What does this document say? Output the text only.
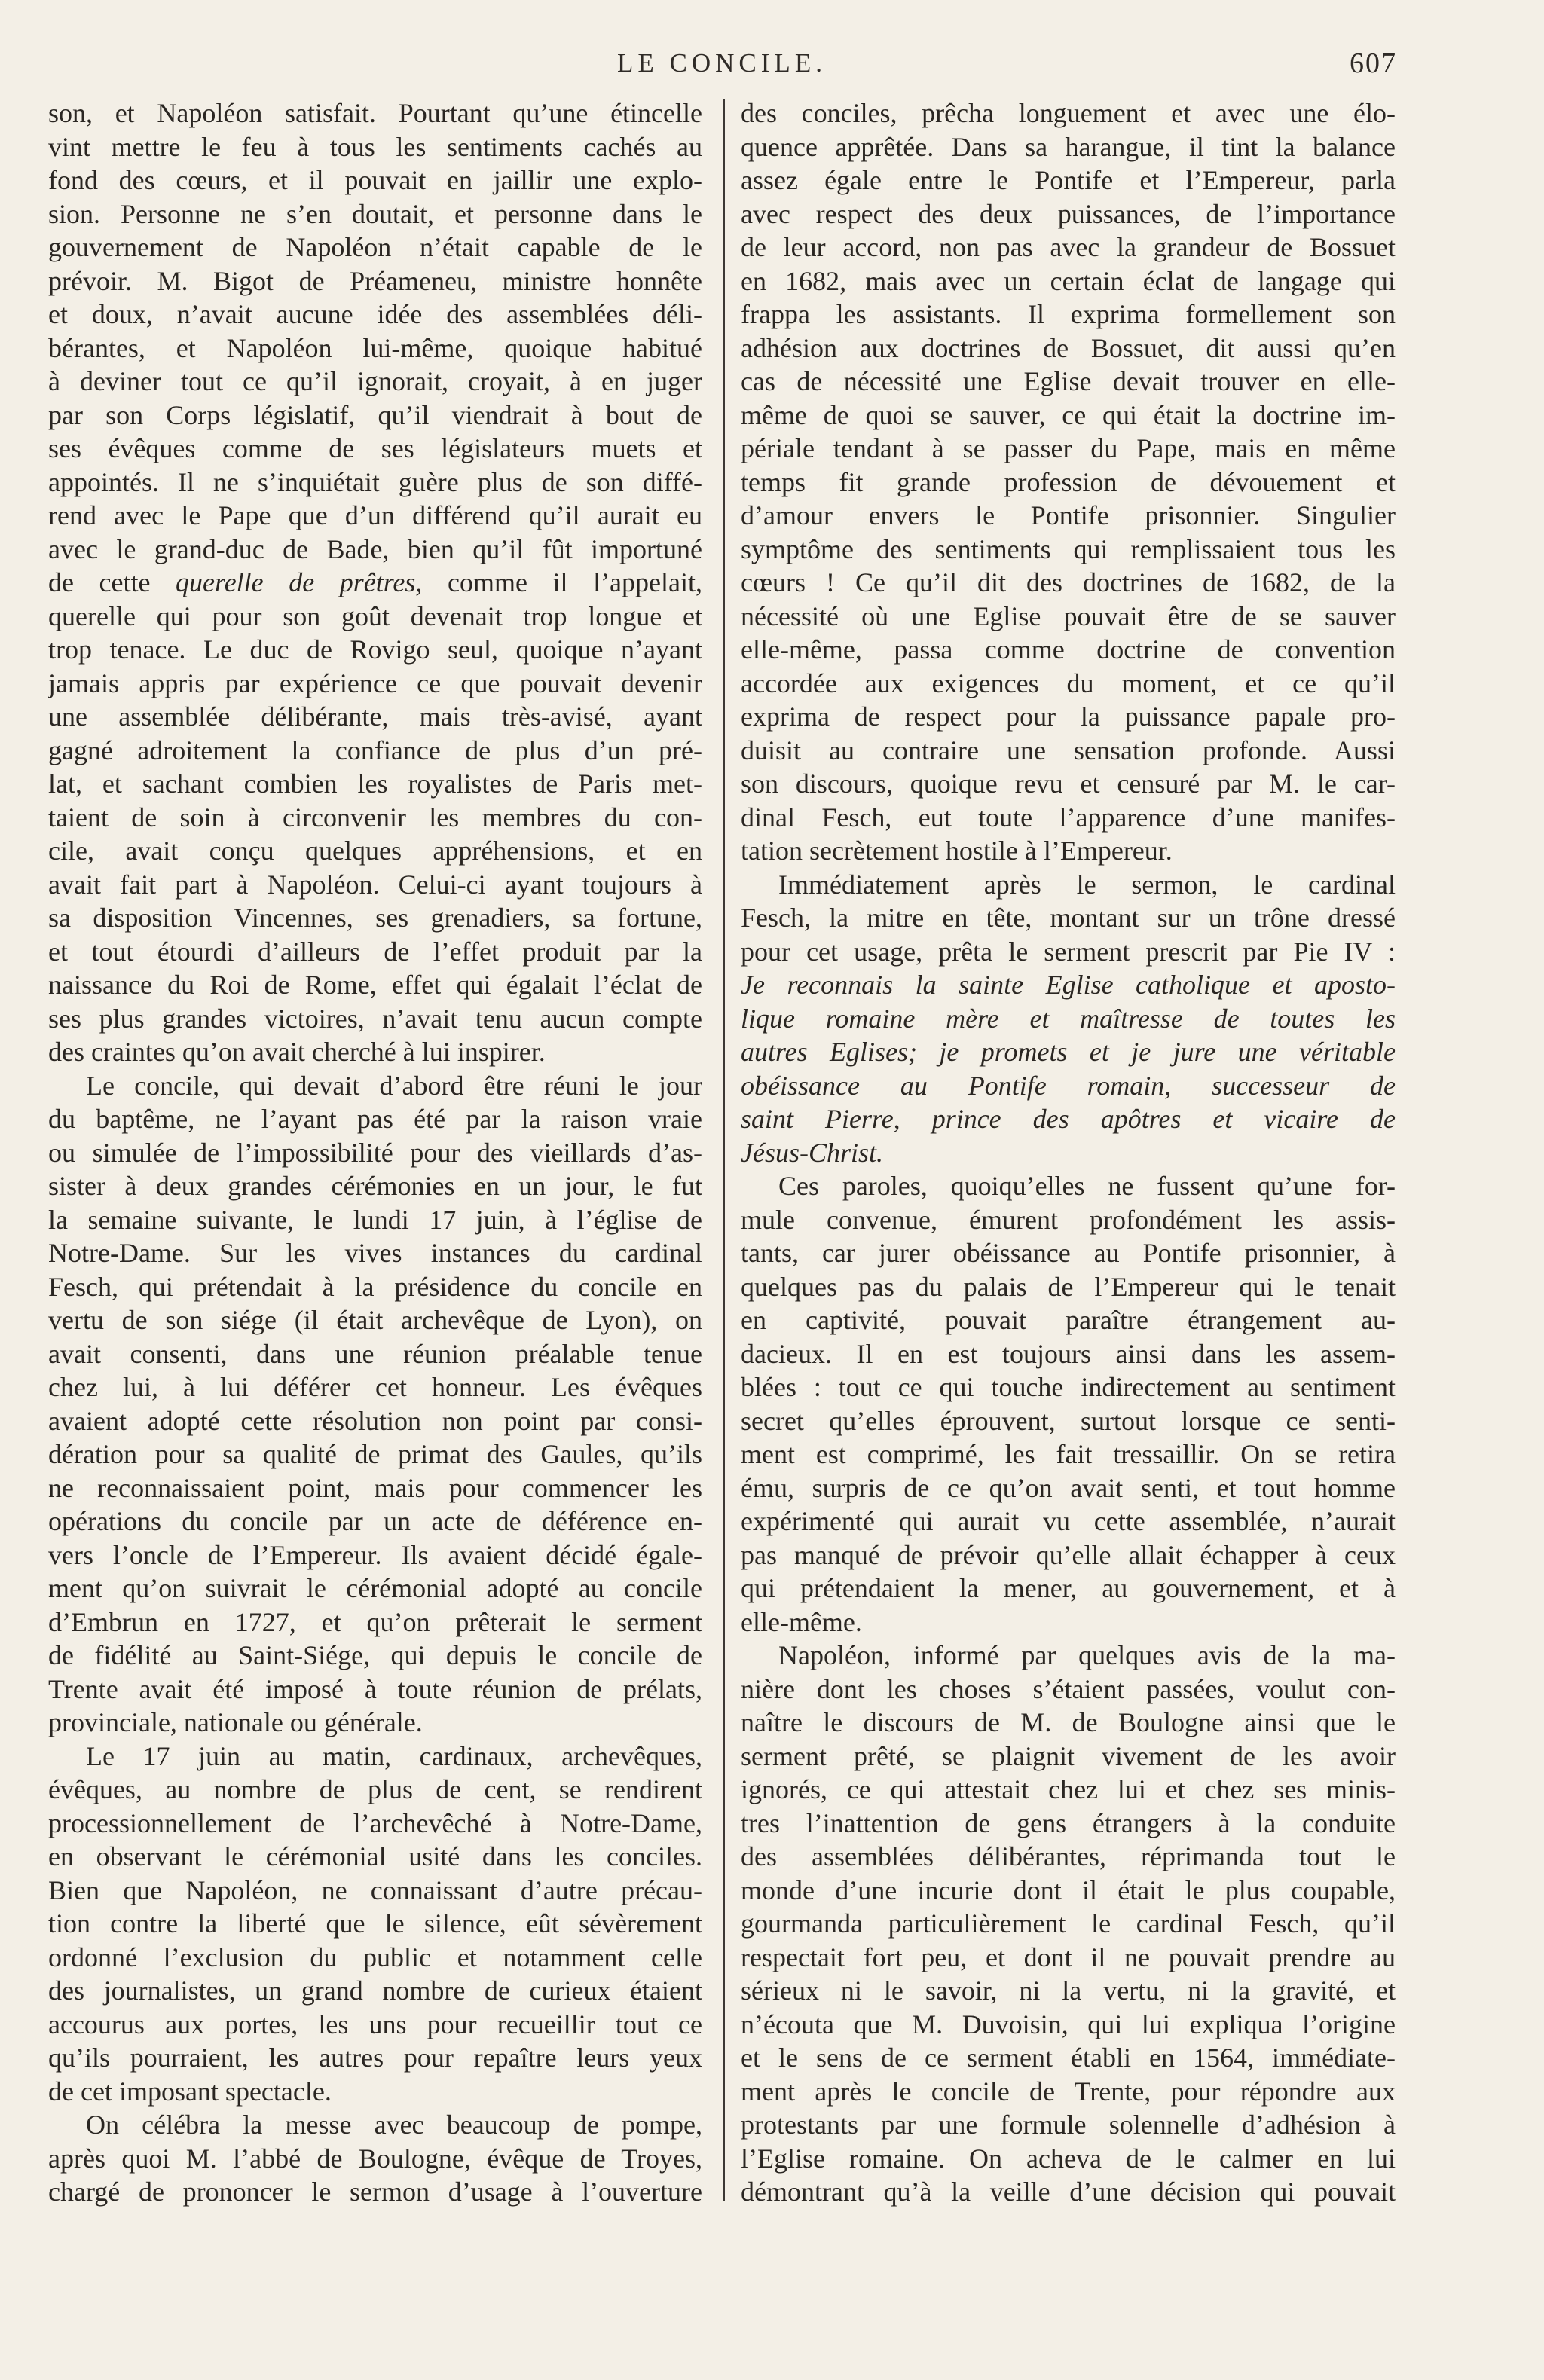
LE CONCILE.	607
son, et Napoléon satisfait. Pourtant qu’une étincelle
vint mettre le feu à tous les sentiments cachés au
fond des cœurs, et il pouvait en jaillir une explo-
sion. Personne ne s’en doutait, et personne dans le
gouvernement de Napoléon n’était capable de le
prévoir. M. Bigot de Préameneu, ministre honnête
et doux, n’avait aucune idée des assemblées déli-
bérantes, et Napoléon lui-même, quoique habitué
à deviner tout ce qu’il ignorait, croyait, à en juger
par son Corps législatif, qu’il viendrait à bout de
ses évêques comme de ses législateurs muets et
appointés. Il ne s’inquiétait guère plus de son diffé-
rend avec le Pape que d’un différend qu’il aurait eu
avec le grand-duc de Bade, bien qu’il fût importuné
de cette querelle de prêtres, comme il l’appelait,
querelle qui pour son goût devenait trop longue et
trop tenace. Le duc de Rovigo seul, quoique n’ayant
jamais appris par expérience ce que pouvait devenir
une assemblée délibérante, mais très-avisé, ayant
gagné adroitement la confiance de plus d’un pré-
lat, et sachant combien les royalistes de Paris met-
taient de soin à circonvenir les membres du con-
cile, avait conçu quelques appréhensions, et en
avait fait part à Napoléon. Celui-ci ayant toujours à
sa disposition Vincennes, ses grenadiers, sa fortune,
et tout étourdi d’ailleurs de l’effet produit par la
naissance du Roi de Rome, effet qui égalait l’éclat de
ses plus grandes victoires, n’avait tenu aucun compte
des craintes qu’on avait cherché à lui inspirer.
Le concile, qui devait d’abord être réuni le jour
du baptême, ne l’ayant pas été par la raison vraie
ou simulée de l’impossibilité pour des vieillards d’as-
sister à deux grandes cérémonies en un jour, le fut
la semaine suivante, le lundi 17 juin, à l’église de
Notre-Dame. Sur les vives instances du cardinal
Fesch, qui prétendait à la présidence du concile en
vertu de son siége (il était archevêque de Lyon), on
avait consenti, dans une réunion préalable tenue
chez lui, à lui déférer cet honneur. Les évêques
avaient adopté cette résolution non point par consi-
dération pour sa qualité de primat des Gaules, qu’ils
ne reconnaissaient point, mais pour commencer les
opérations du concile par un acte de déférence en-
vers l’oncle de l’Empereur. Ils avaient décidé égale-
ment qu’on suivrait le cérémonial adopté au concile
d’Embrun en 1727, et qu’on prêterait le serment
de fidélité au Saint-Siége, qui depuis le concile de
Trente avait été imposé à toute réunion de prélats,
provinciale, nationale ou générale.
Le 17 juin au matin, cardinaux, archevêques,
évêques, au nombre de plus de cent, se rendirent
processionnellement de l’archevêché à Notre-Dame,
en observant le cérémonial usité dans les conciles.
Bien que Napoléon, ne connaissant d’autre précau-
tion contre la liberté que le silence, eût sévèrement
ordonné l’exclusion du public et notamment celle
des journalistes, un grand nombre de curieux étaient
accourus aux portes, les uns pour recueillir tout ce
qu’ils pourraient, les autres pour repaître leurs yeux
de cet imposant spectacle.
On célébra la messe avec beaucoup de pompe,
après quoi M. l’abbé de Boulogne, évêque de Troyes,
chargé de prononcer le sermon d’usage à l’ouverture
des conciles, prêcha longuement et avec une élo-
quence apprêtée. Dans sa harangue, il tint la balance
assez égale entre le Pontife et l’Empereur, parla
avec respect des deux puissances, de l’importance
de leur accord, non pas avec la grandeur de Bossuet
en 1682, mais avec un certain éclat de langage qui
frappa les assistants. Il exprima formellement son
adhésion aux doctrines de Bossuet, dit aussi qu’en
cas de nécessité une Eglise devait trouver en elle-
même de quoi se sauver, ce qui était la doctrine im-
périale tendant à se passer du Pape, mais en même
temps fit grande profession de dévouement et
d’amour envers le Pontife prisonnier. Singulier
symptôme des sentiments qui remplissaient tous les
cœurs ! Ce qu’il dit des doctrines de 1682, de la
nécessité où une Eglise pouvait être de se sauver
elle-même, passa comme doctrine de convention
accordée aux exigences du moment, et ce qu’il
exprima de respect pour la puissance papale pro-
duisit au contraire une sensation profonde. Aussi
son discours, quoique revu et censuré par M. le car-
dinal Fesch, eut toute l’apparence d’une manifes-
tation secrètement hostile à l’Empereur.
Immédiatement après le sermon, le cardinal
Fesch, la mitre en tête, montant sur un trône dressé
pour cet usage, prêta le serment prescrit par Pie IV :
Je reconnais la sainte Eglise catholique et aposto-
lique romaine mère et maîtresse de toutes les
autres Eglises; je promets et je jure une véritable
obéissance au Pontife romain, successeur de
saint Pierre, prince des apôtres et vicaire de
Jésus-Christ.
Ces paroles, quoiqu’elles ne fussent qu’une for-
mule convenue, émurent profondément les assis-
tants, car jurer obéissance au Pontife prisonnier, à
quelques pas du palais de l’Empereur qui le tenait
en captivité, pouvait paraître étrangement au-
dacieux. Il en est toujours ainsi dans les assem-
blées : tout ce qui touche indirectement au sentiment
secret qu’elles éprouvent, surtout lorsque ce senti-
ment est comprimé, les fait tressaillir. On se retira
ému, surpris de ce qu’on avait senti, et tout homme
expérimenté qui aurait vu cette assemblée, n’aurait
pas manqué de prévoir qu’elle allait échapper à ceux
qui prétendaient la mener, au gouvernement, et à
elle-même.
Napoléon, informé par quelques avis de la ma-
nière dont les choses s’étaient passées, voulut con-
naître le discours de M. de Boulogne ainsi que le
serment prêté, se plaignit vivement de les avoir
ignorés, ce qui attestait chez lui et chez ses minis-
tres l’inattention de gens étrangers à la conduite
des assemblées délibérantes, réprimanda tout le
monde d’une incurie dont il était le plus coupable,
gourmanda particulièrement le cardinal Fesch, qu’il
respectait fort peu, et dont il ne pouvait prendre au
sérieux ni le savoir, ni la vertu, ni la gravité, et
n’écouta que M. Duvoisin, qui lui expliqua l’origine
et le sens de ce serment établi en 1564, immédiate-
ment après le concile de Trente, pour répondre aux
protestants par une formule solennelle d’adhésion à
l’Eglise romaine. On acheva de le calmer en lui
démontrant qu’à la veille d’une décision qui pouvait
